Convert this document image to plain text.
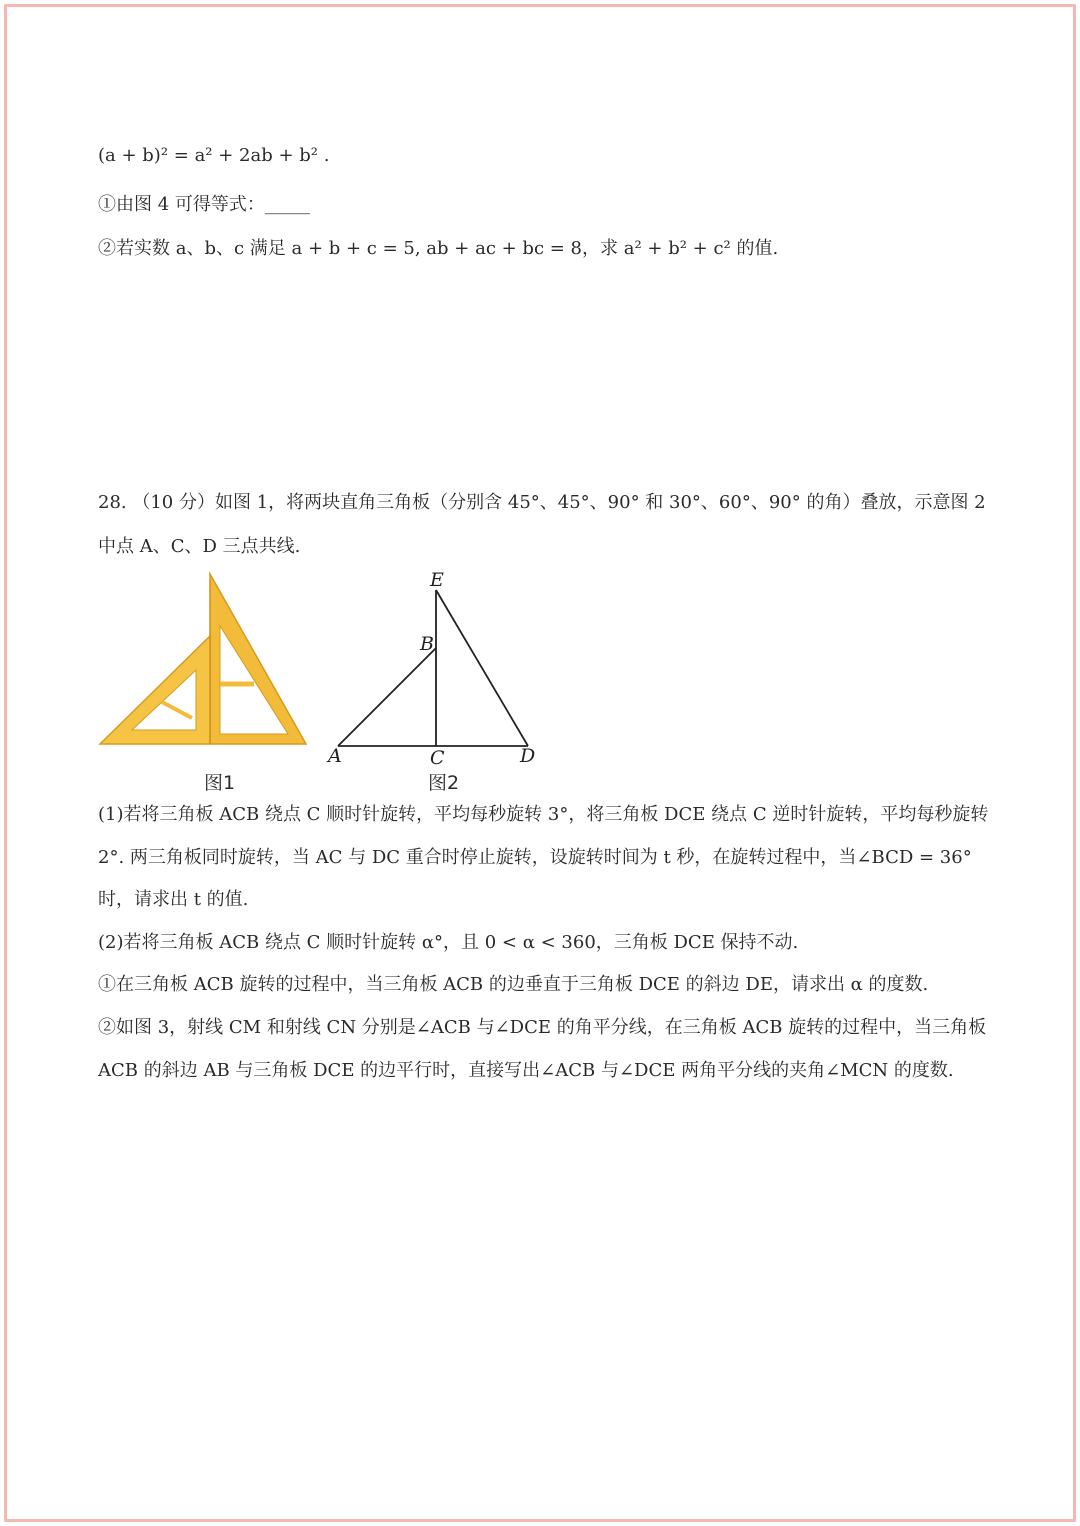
(a + b)² = a² + 2ab + b² .
①由图 4 可得等式：_____
②若实数 a、b、c 满足 a + b + c = 5, ab + ac + bc = 8，求 a² + b² + c² 的值.
28. （10 分）如图 1，将两块直角三角板（分别含 45°、45°、90° 和 30°、60°、90° 的角）叠放，示意图 2
中点 A、C、D 三点共线.
图1
E
B
A	C	D
图2
(1)若将三角板 ACB 绕点 C 顺时针旋转，平均每秒旋转 3°，将三角板 DCE 绕点 C 逆时针旋转，平均每秒旋转
2°. 两三角板同时旋转，当 AC 与 DC 重合时停止旋转，设旋转时间为 t 秒，在旋转过程中，当∠BCD = 36°
时，请求出 t 的值.
(2)若将三角板 ACB 绕点 C 顺时针旋转 α°，且 0 < α < 360，三角板 DCE 保持不动.
①在三角板 ACB 旋转的过程中，当三角板 ACB 的边垂直于三角板 DCE 的斜边 DE，请求出 α 的度数.
②如图 3，射线 CM 和射线 CN 分别是∠ACB 与∠DCE 的角平分线，在三角板 ACB 旋转的过程中，当三角板
ACB 的斜边 AB 与三角板 DCE 的边平行时，直接写出∠ACB 与∠DCE 两角平分线的夹角∠MCN 的度数.
